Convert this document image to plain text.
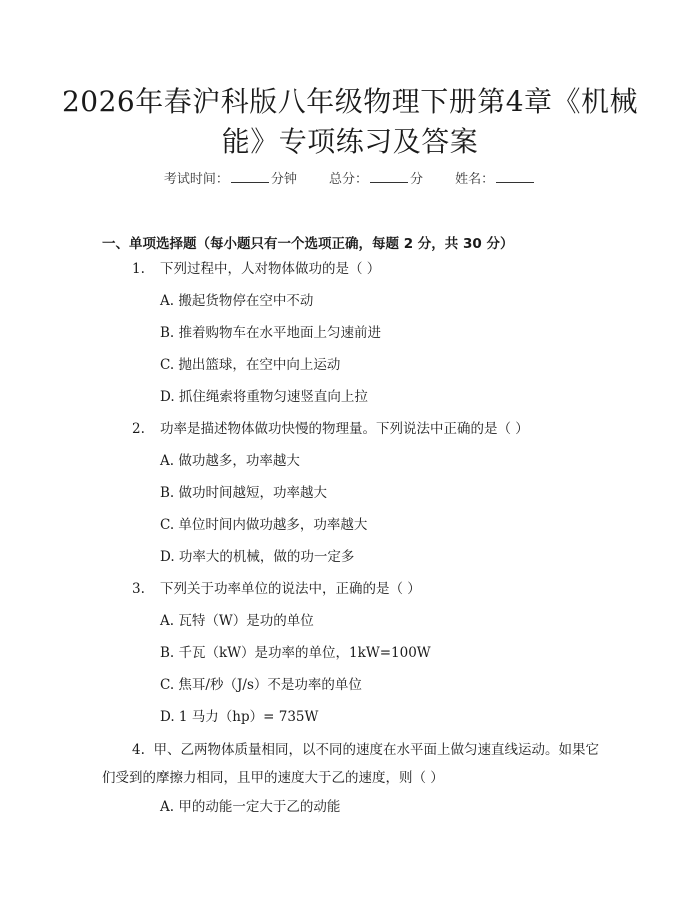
2026年春沪科版八年级物理下册第4章《机械能》专项练习及答案
考试时间：	分钟 总分：	分 姓名：
一、单项选择题（每小题只有一个选项正确，每题 2 分，共 30 分）
1. 下列过程中，人对物体做功的是（ ）
A. 搬起货物停在空中不动
B. 推着购物车在水平地面上匀速前进
C. 抛出篮球，在空中向上运动
D. 抓住绳索将重物匀速竖直向上拉
2. 功率是描述物体做功快慢的物理量。下列说法中正确的是（ ）
A. 做功越多，功率越大
B. 做功时间越短，功率越大
C. 单位时间内做功越多，功率越大
D. 功率大的机械，做的功一定多
3. 下列关于功率单位的说法中，正确的是（ ）
A. 瓦特（W）是功的单位
B. 千瓦（kW）是功率的单位，1kW=100W
C. 焦耳/秒（J/s）不是功率的单位
D. 1 马力（hp）= 735W
4. 甲、乙两物体质量相同，以不同的速度在水平面上做匀速直线运动。如果它们受到的摩擦力相同，且甲的速度大于乙的速度，则（ ）
A. 甲的动能一定大于乙的动能
